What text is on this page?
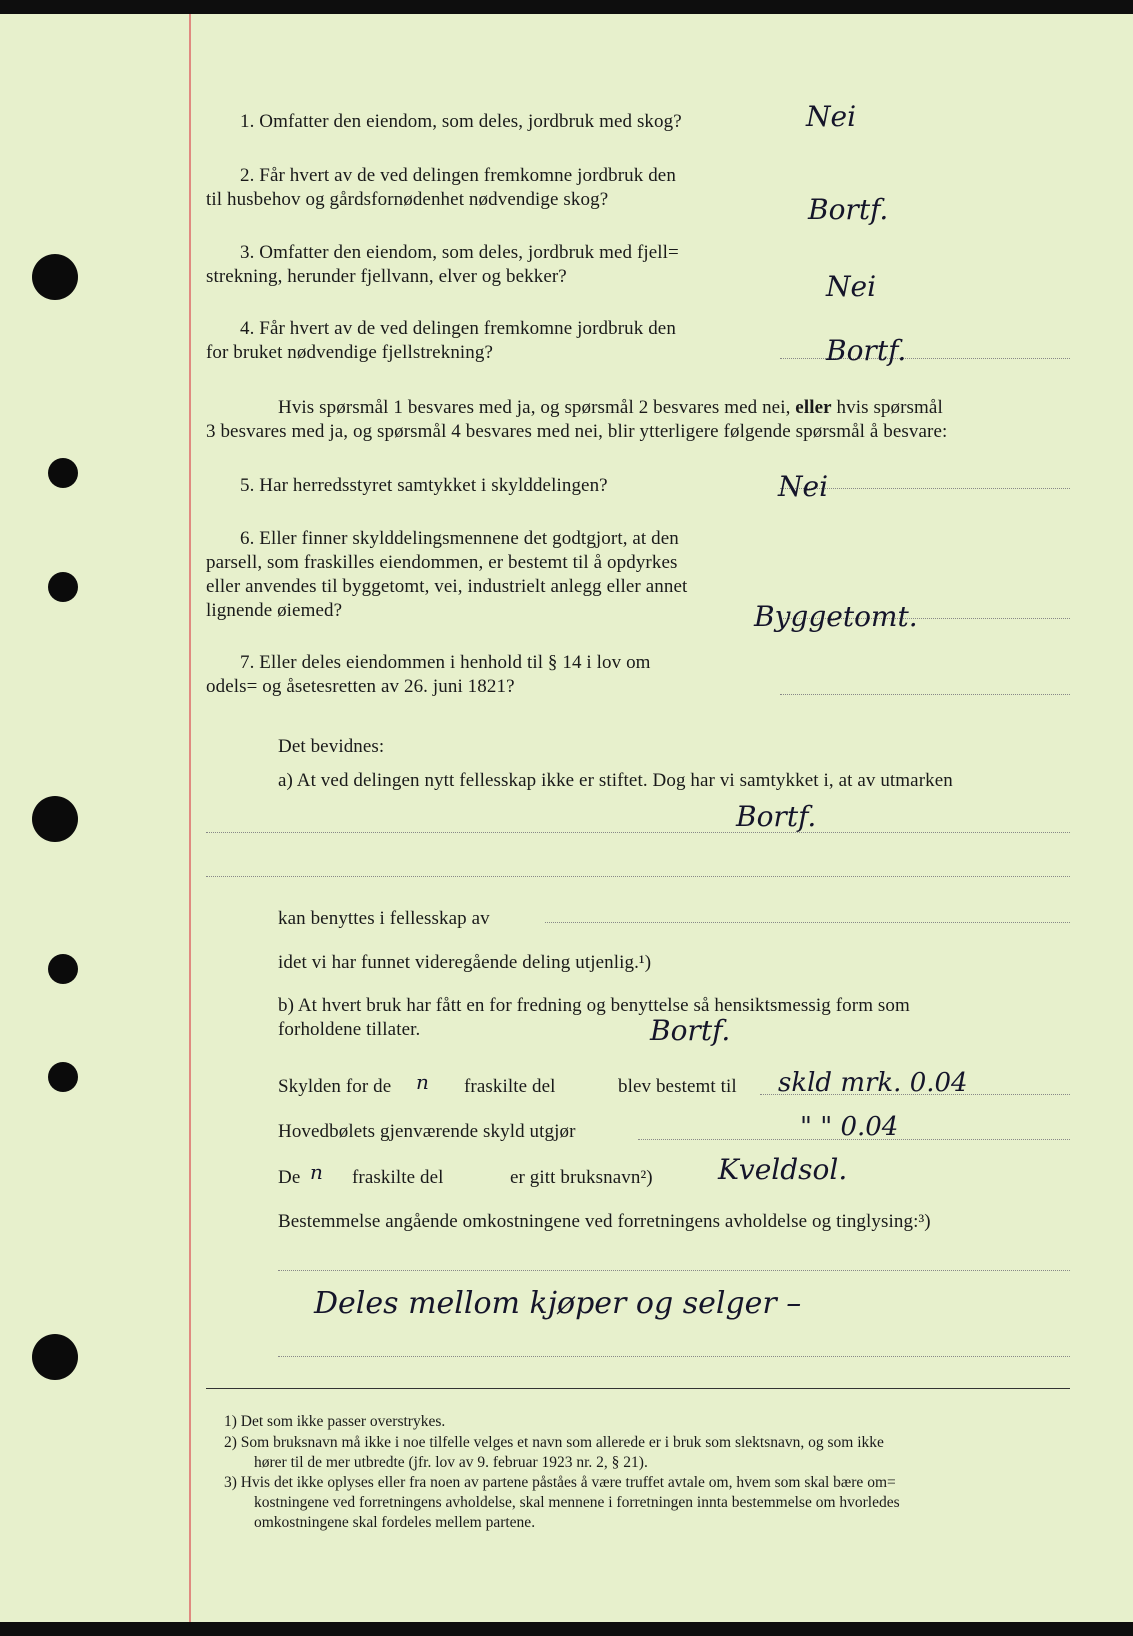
1. Omfatter den eiendom, som deles, jordbruk med skog?	Nei
2. Får hvert av de ved delingen fremkomne jordbruk den
til husbehov og gårdsfornødenhet nødvendige skog?	Bortf.
3. Omfatter den eiendom, som deles, jordbruk med fjell⁠=
strekning, herunder fjellvann, elver og bekker?	Nei
4. Får hvert av de ved delingen fremkomne jordbruk den
for bruket nødvendige fjellstrekning?	Bortf.
Hvis spørsmål 1 besvares med ja, og spørsmål 2 besvares med nei, eller hvis spørsmål
3 besvares med ja, og spørsmål 4 besvares med nei, blir ytterligere følgende spørsmål å besvare:
5. Har herredsstyret samtykket i skylddelingen?	Nei
6. Eller finner skylddelingsmennene det godtgjort, at den
parsell, som fraskilles eiendommen, er bestemt til å opdyrkes
eller anvendes til byggetomt, vei, industrielt anlegg eller annet
lignende øiemed?	Byggetomt.
7. Eller deles eiendommen i henhold til § 14 i lov om
odels⁠= og åsetesretten av 26. juni 1821?
Det bevidnes:
a) At ved delingen nytt fellesskap ikke er stiftet. Dog har vi samtykket i, at av utmarken
Bortf.
kan benyttes i fellesskap av
idet vi har funnet videregående deling utjenlig.¹)
b) At hvert bruk har fått en for fredning og benyttelse så hensiktsmessig form som
forholdene tillater.	Bortf.
Skylden for de n fraskilte del	blev bestemt til skld mrk. 0.04
Hovedbølets gjenværende skyld utgjør	" " 0.04
De n fraskilte del	er gitt bruksnavn²) Kveldsol.
Bestemmelse angående omkostningene ved forretningens avholdelse og tinglysing:³)
Deles mellom kjøper og selger –
1) Det som ikke passer overstrykes.
2) Som bruksnavn må ikke i noe tilfelle velges et navn som allerede er i bruk som slektsnavn, og som ikke
hører til de mer utbredte (jfr. lov av 9. februar 1923 nr. 2, § 21).
3) Hvis det ikke oplyses eller fra noen av partene påståes å være truffet avtale om, hvem som skal bære om⁠=
kostningene ved forretningens avholdelse, skal mennene i forretningen innta bestemmelse om hvorledes
omkostningene skal fordeles mellem partene.
